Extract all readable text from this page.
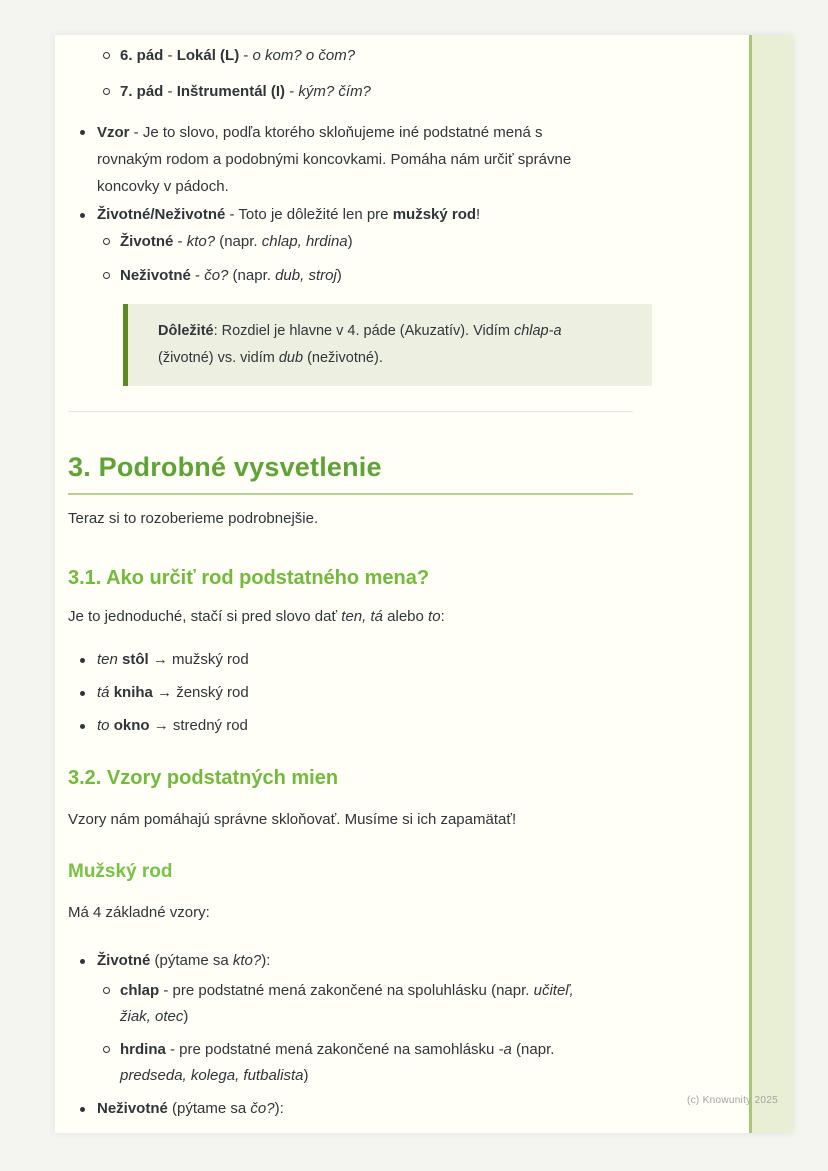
6. pád - Lokál (L) - o kom? o čom?
7. pád - Inštrumentál (I) - kým? čím?
Vzor - Je to slovo, podľa ktorého skloňujeme iné podstatné mená s
rovnakým rodom a podobnými koncovkami. Pomáha nám určiť správne
koncovky v pádoch.
Životné/Neživotné - Toto je dôležité len pre mužský rod!
Životné - kto? (napr. chlap, hrdina)
Neživotné - čo? (napr. dub, stroj)
Dôležité: Rozdiel je hlavne v 4. páde (Akuzatív). Vidím chlap-a
(životné) vs. vidím dub (neživotné).
3. Podrobné vysvetlenie

Teraz si to rozoberieme podrobnejšie.

3.1. Ako určiť rod podstatného mena?

Je to jednoduché, stačí si pred slovo dať ten, tá alebo to:

ten stôl → mužský rod
tá kniha → ženský rod
to okno → stredný rod
3.2. Vzory podstatných mien

Vzory nám pomáhajú správne skloňovať. Musíme si ich zapamätať!

Mužský rod

Má 4 základné vzory:

Životné (pýtame sa kto?):
chlap - pre podstatné mená zakončené na spoluhlásku (napr. učiteľ,
žiak, otec)
hrdina - pre podstatné mená zakončené na samohlásku -a (napr.
predseda, kolega, futbalista)
Neživotné (pýtame sa čo?):	(c) Knowunity 2025
